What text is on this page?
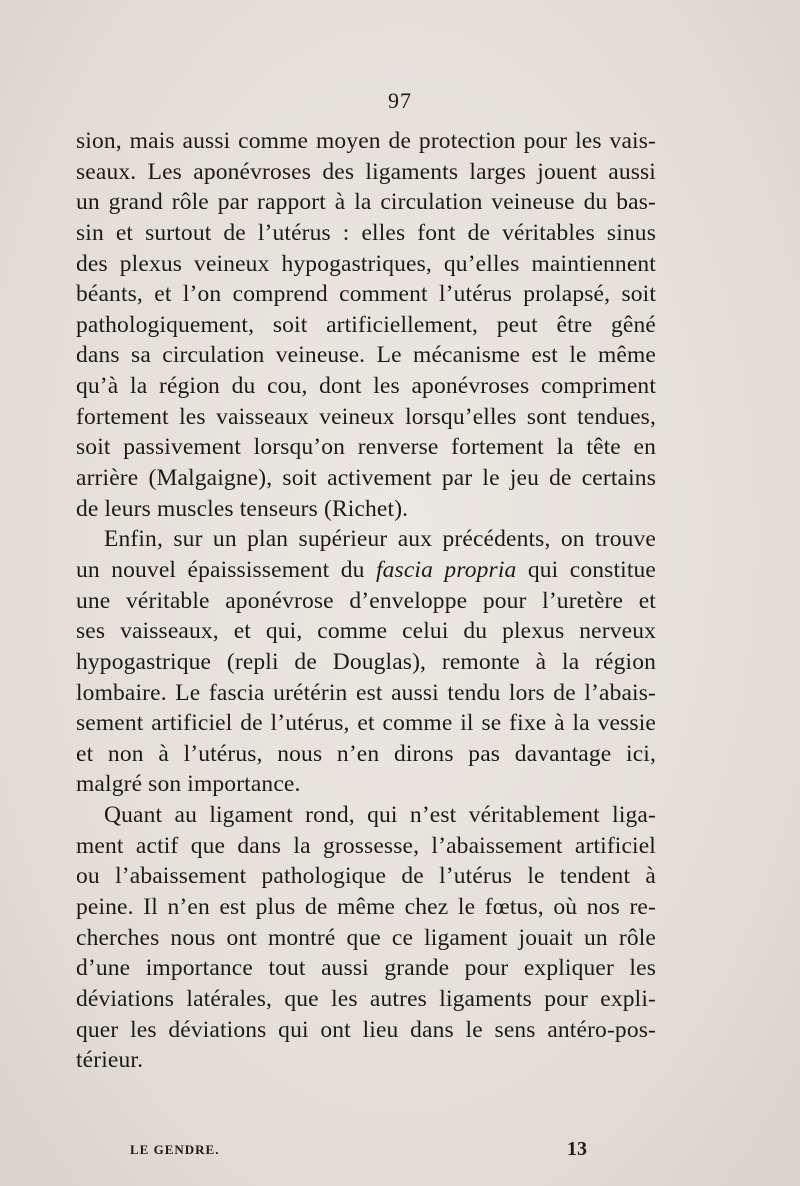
97
sion, mais aussi comme moyen de protection pour les vais-
seaux. Les aponévroses des ligaments larges jouent aussi
un grand rôle par rapport à la circulation veineuse du bas-
sin et surtout de l’utérus : elles font de véritables sinus
des plexus veineux hypogastriques, qu’elles maintiennent
béants, et l’on comprend comment l’utérus prolapsé, soit
pathologiquement, soit artificiellement, peut être gêné
dans sa circulation veineuse. Le mécanisme est le même
qu’à la région du cou, dont les aponévroses compriment
fortement les vaisseaux veineux lorsqu’elles sont tendues,
soit passivement lorsqu’on renverse fortement la tête en
arrière (Malgaigne), soit activement par le jeu de certains
de leurs muscles tenseurs (Richet).
Enfin, sur un plan supérieur aux précédents, on trouve
un nouvel épaississement du fascia propria qui constitue
une véritable aponévrose d’enveloppe pour l’uretère et
ses vaisseaux, et qui, comme celui du plexus nerveux
hypogastrique (repli de Douglas), remonte à la région
lombaire. Le fascia urétérin est aussi tendu lors de l’abais-
sement artificiel de l’utérus, et comme il se fixe à la vessie
et non à l’utérus, nous n’en dirons pas davantage ici,
malgré son importance.
Quant au ligament rond, qui n’est véritablement liga-
ment actif que dans la grossesse, l’abaissement artificiel
ou l’abaissement pathologique de l’utérus le tendent à
peine. Il n’en est plus de même chez le fœtus, où nos re-
cherches nous ont montré que ce ligament jouait un rôle
d’une importance tout aussi grande pour expliquer les
déviations latérales, que les autres ligaments pour expli-
quer les déviations qui ont lieu dans le sens antéro-pos-
térieur.
LE GENDRE.	13
